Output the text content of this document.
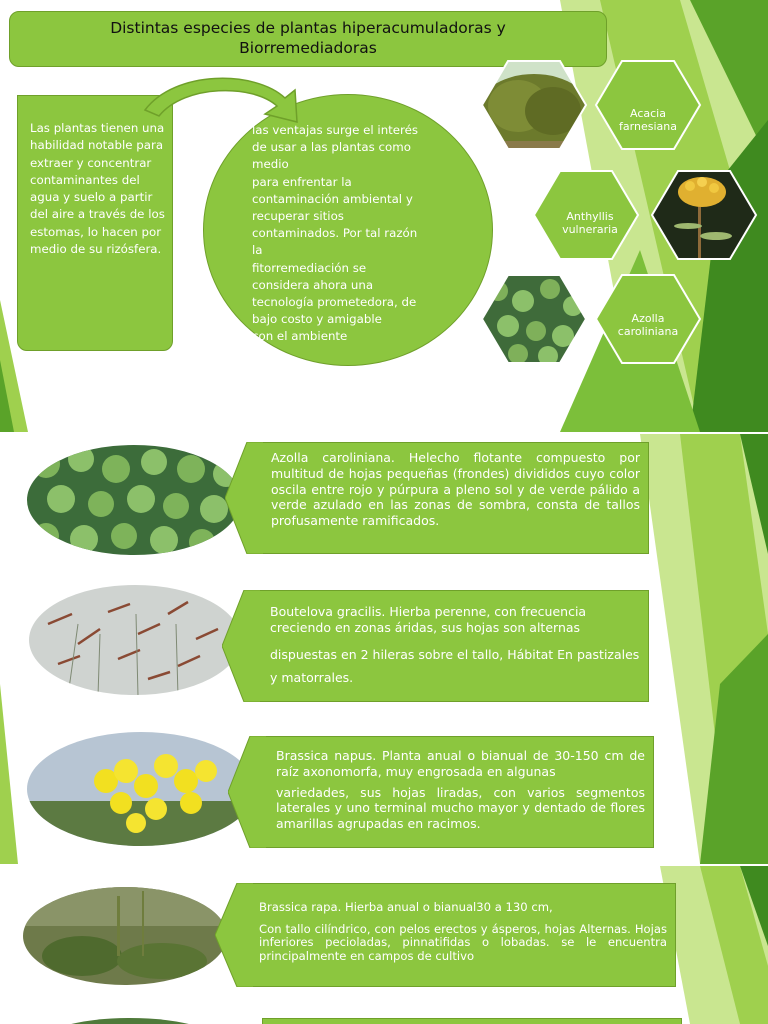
Distintas especies de plantas hiperacumuladoras y
Biorremediadoras
Las plantas tienen una habilidad notable para extraer y concentrar contaminantes del agua y suelo a partir del aire a través de los estomas, lo hacen por medio de su rizósfera.
las ventajas surge el interés
de usar a las plantas como
medio
para enfrentar la
contaminación ambiental y
recuperar sitios
contaminados. Por tal razón
la
fitorremediación se
considera ahora una
tecnología prometedora, de
bajo costo y amigable
con el ambiente
Acacia farnesiana
Anthyllis vulneraria
Azolla caroliniana
Azolla caroliniana. Helecho flotante compuesto por multitud de hojas pequeñas (frondes) divididos cuyo color oscila entre rojo y púrpura a pleno sol y de verde pálido a verde azulado en las zonas de sombra, consta de tallos profusamente ramificados.
Boutelova gracilis. Hierba perenne, con frecuencia creciendo en zonas áridas, sus hojas son alternas
dispuestas en 2 hileras sobre el tallo, Hábitat En pastizales y matorrales.
Brassica napus. Planta anual o bianual de 30-150 cm de raíz axonomorfa, muy engrosada en algunas
variedades, sus hojas liradas, con varios segmentos laterales y uno terminal mucho mayor y dentado de flores amarillas agrupadas en racimos.
Brassica rapa. Hierba anual o bianual30 a 130 cm,
Con tallo cilíndrico, con pelos erectos y ásperos, hojas Alternas. Hojas inferiores pecioladas, pinnatifidas o lobadas. se le encuentra principalmente en campos de cultivo
